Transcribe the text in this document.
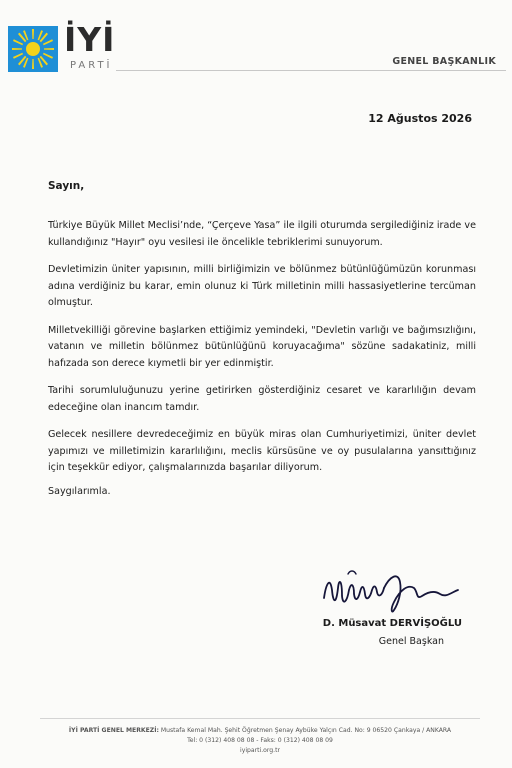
İYİ
PARTİ	GENEL BAŞKANLIK
12 Ağustos 2026
Sayın,

Türkiye Büyük Millet Meclisi’nde, “Çerçeve Yasa” ile ilgili oturumda sergilediğiniz irade ve kullandığınız "Hayır" oyu vesilesi ile öncelikle tebriklerimi sunuyorum.

Devletimizin üniter yapısının, milli birliğimizin ve bölünmez bütünlüğümüzün korunması adına verdiğiniz bu karar, emin olunuz ki Türk milletinin milli hassasiyetlerine tercüman olmuştur.

Milletvekilliği görevine başlarken ettiğimiz yemindeki, "Devletin varlığı ve bağımsızlığını, vatanın ve milletin bölünmez bütünlüğünü koruyacağıma" sözüne sadakatiniz, milli hafızada son derece kıymetli bir yer edinmiştir.

Tarihi sorumluluğunuzu yerine getirirken gösterdiğiniz cesaret ve kararlılığın devam edeceğine olan inancım tamdır.

Gelecek nesillere devredeceğimiz en büyük miras olan Cumhuriyetimizi, üniter devlet yapımızı ve milletimizin kararlılığını, meclis kürsüsüne ve oy pusulalarına yansıttığınız için teşekkür ediyor, çalışmalarınızda başarılar diliyorum.

Saygılarımla.
D. Müsavat DERVİŞOĞLU
Genel Başkan
İYİ PARTİ GENEL MERKEZİ: Mustafa Kemal Mah. Şehit Öğretmen Şenay Aybüke Yalçın Cad. No: 9 06520 Çankaya / ANKARA
Tel: 0 (312) 408 08 08 - Faks: 0 (312) 408 08 09
iyiparti.org.tr
